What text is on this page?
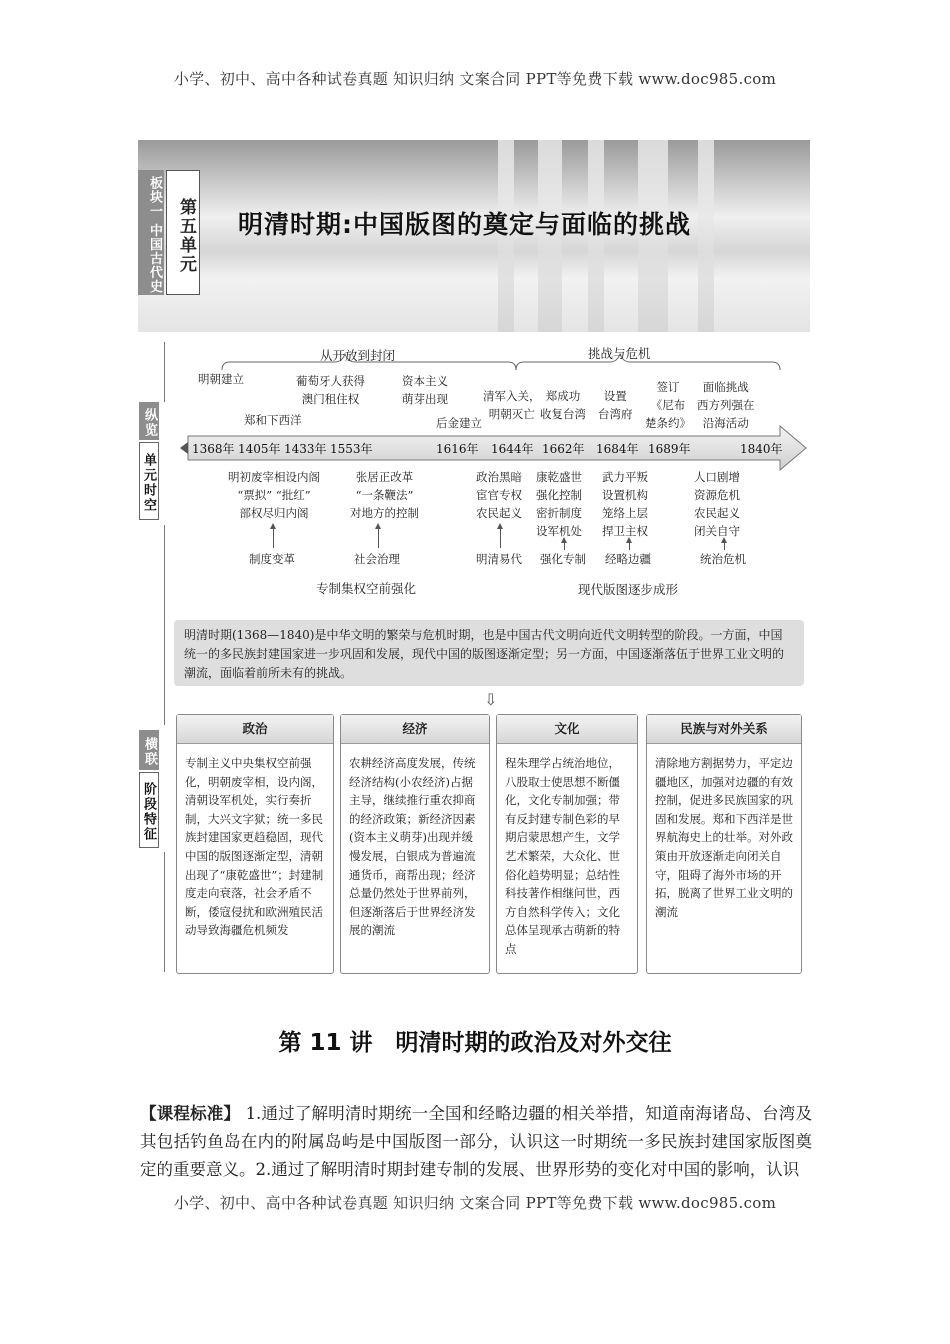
小学、初中、高中各种试卷真题 知识归纳 文案合同 PPT等免费下载 www.doc985.com
板块一 中国古代史 第五单元 明清时期:中国版图的奠定与面临的挑战
纵览
单元时空
从开放到封闭	挑战与危机
明朝建立
郑和下西洋
葡萄牙人获得
澳门租住权
资本主义
萌芽出现
后金建立
清军入关，
明朝灭亡
郑成功
收复台湾
设置
台湾府
签订
《尼布
楚条约》
面临挑战
西方列强在
沿海活动
1368年 1405年 1433年 1553年	1616年 1644年 1662年 1684年 1689年	1840年
明初废宰相设内阁
“票拟” “批红”
部权尽归内阁
张居正改革
“一条鞭法”
对地方的控制
政治黑暗
宦官专权
农民起义
康乾盛世
强化控制
密折制度
设军机处
武力平叛
设置机构
笼络上层
捍卫主权
人口剧增
资源危机
农民起义
闭关自守
制度变革	社会治理	明清易代 强化专制 经略边疆	统治危机
专制集权空前强化	现代版图逐步成形
明清时期(1368—1840)是中华文明的繁荣与危机时期，也是中国古代文明向近代文明转型的阶段。一方面，中国统一的多民族封建国家进一步巩固和发展，现代中国的版图逐渐定型；另一方面，中国逐渐落伍于世界工业文明的潮流，面临着前所未有的挑战。
⇩
横联
阶段特征
政治
专制主义中央集权空前强化，明朝废宰相，设内阁，清朝设军机处，实行奏折制，大兴文字狱；统一多民族封建国家更趋稳固，现代中国的版图逐渐定型，清朝出现了“康乾盛世”；封建制度走向衰落，社会矛盾不断，倭寇侵扰和欧洲殖民活动导致海疆危机频发
经济
农耕经济高度发展，传统经济结构(小农经济)占据主导，继续推行重农抑商的经济政策；新经济因素(资本主义萌芽)出现并缓慢发展，白银成为普遍流通货币，商帮出现；经济总量仍然处于世界前列，但逐渐落后于世界经济发展的潮流
文化
程朱理学占统治地位，八股取士使思想不断僵化，文化专制加强；带有反封建专制色彩的早期启蒙思想产生，文学艺术繁荣，大众化、世俗化趋势明显；总结性科技著作相继问世，西方自然科学传入；文化总体呈现承古萌新的特点
民族与对外关系
清除地方割据势力，平定边疆地区，加强对边疆的有效控制，促进多民族国家的巩固和发展。郑和下西洋是世界航海史上的壮举。对外政策由开放逐渐走向闭关自守，阻碍了海外市场的开拓，脱离了世界工业文明的潮流
第 11 讲　明清时期的政治及对外交往
【课程标准】 1.通过了解明清时期统一全国和经略边疆的相关举措，知道南海诸岛、台湾及其包括钓鱼岛在内的附属岛屿是中国版图一部分，认识这一时期统一多民族封建国家版图奠定的重要意义。2.通过了解明清时期封建专制的发展、世界形势的变化对中国的影响，认识
小学、初中、高中各种试卷真题 知识归纳 文案合同 PPT等免费下载 www.doc985.com
